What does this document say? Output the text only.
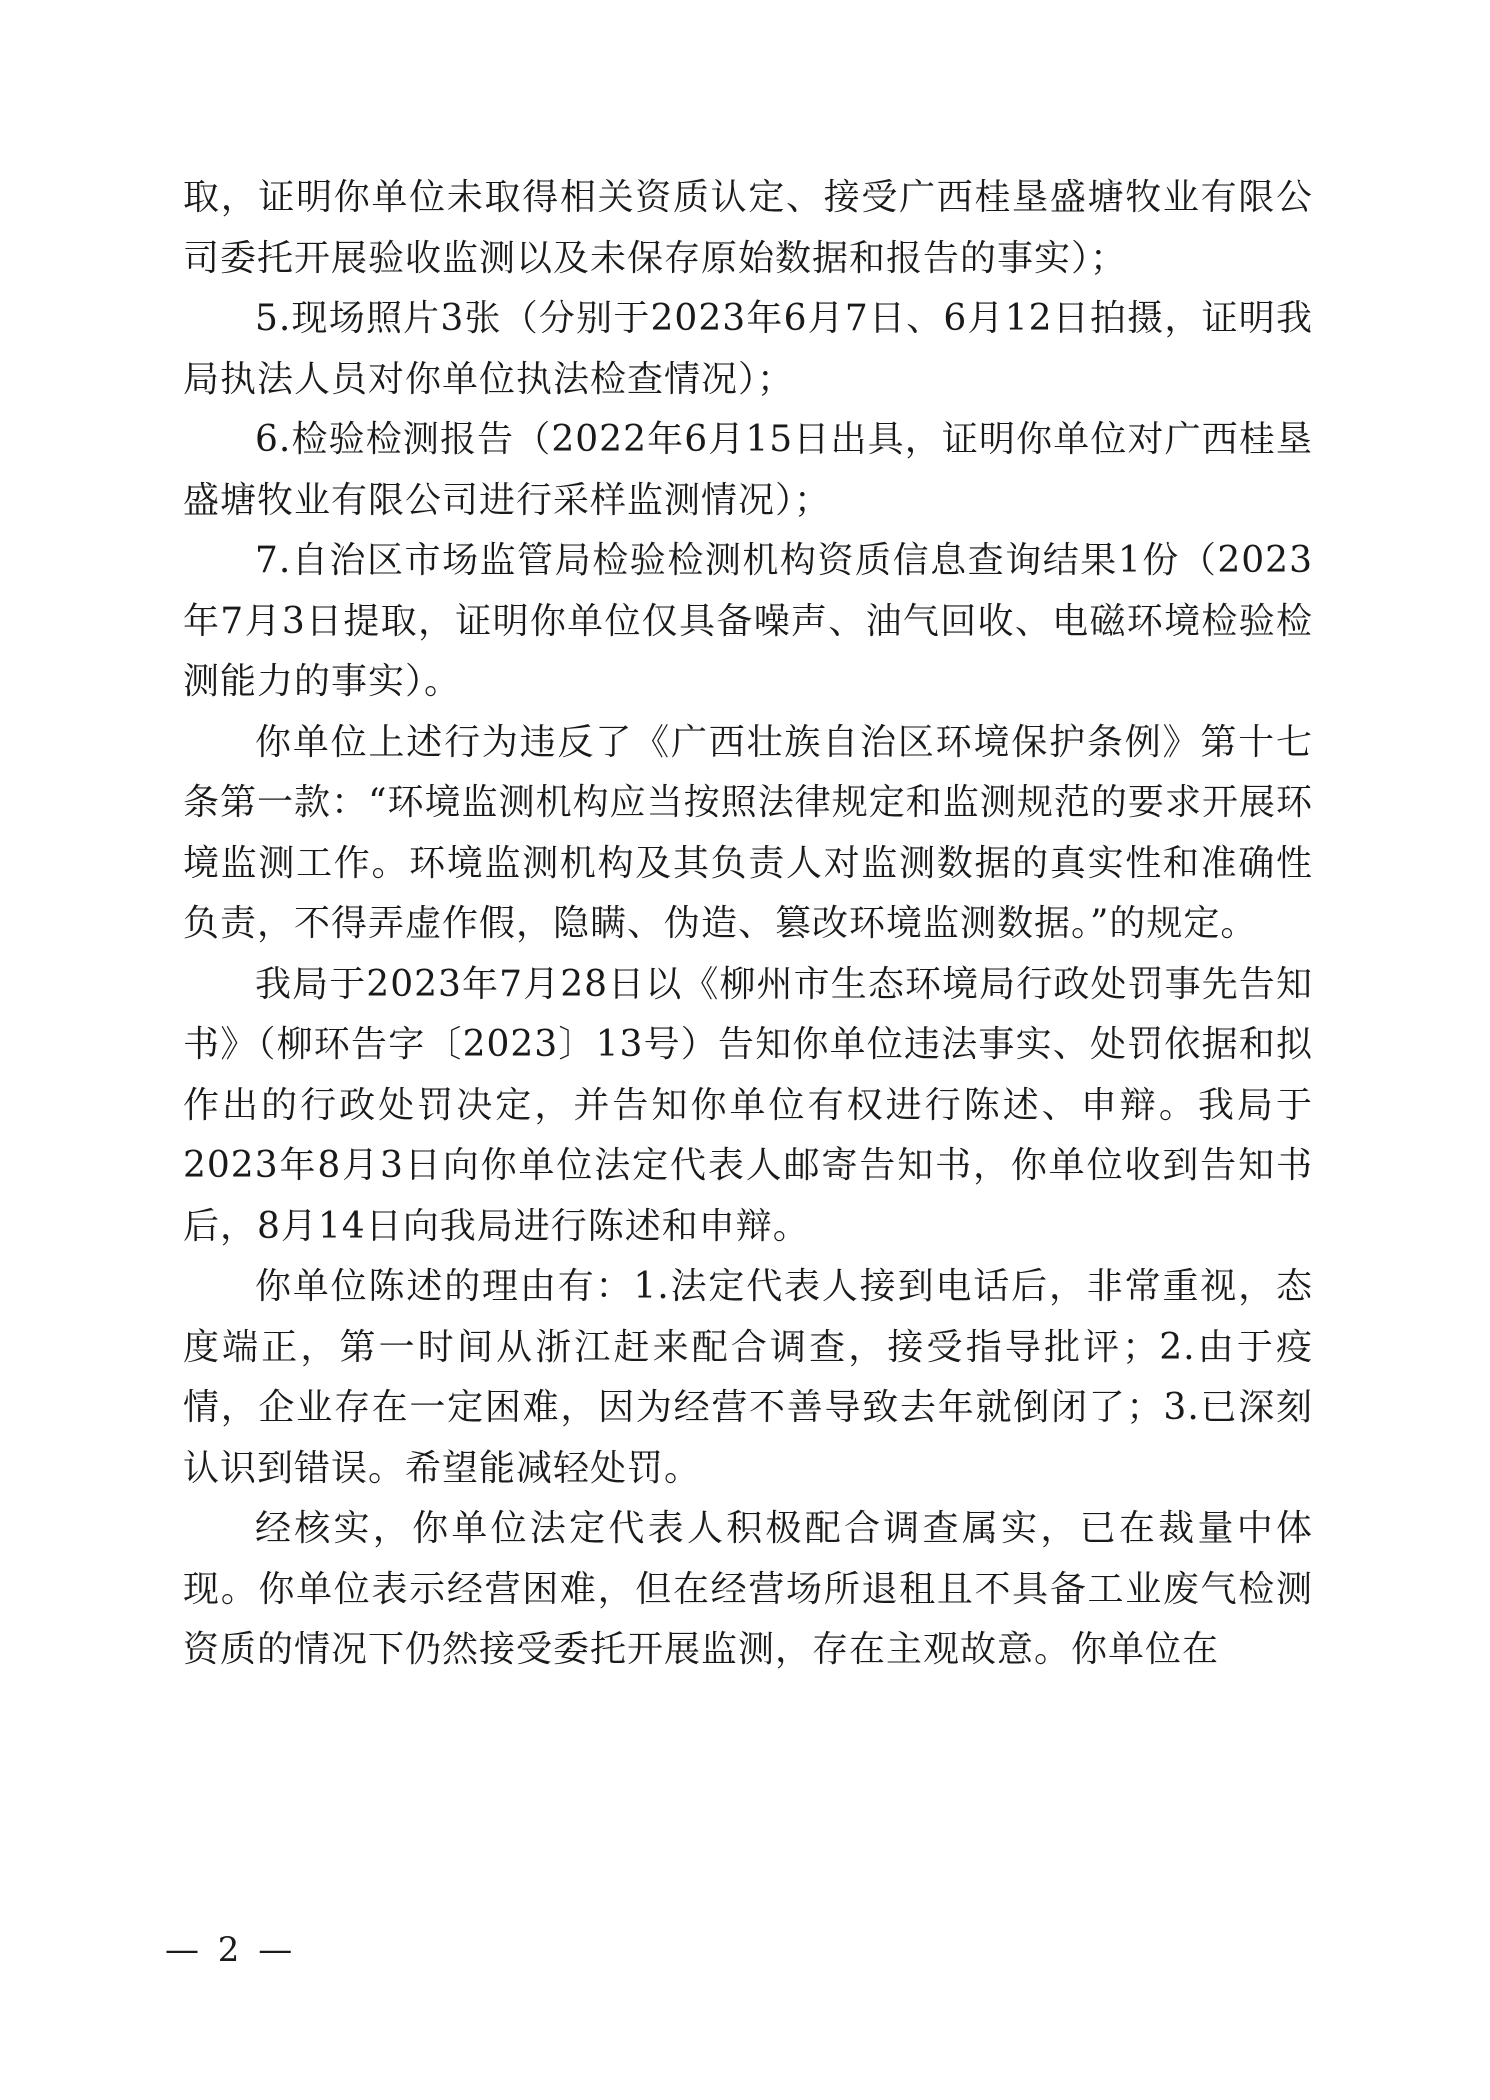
取，证明你单位未取得相关资质认定、接受广西桂垦盛塘牧业有限公司委托开展验收监测以及未保存原始数据和报告的事实）；

5.现场照片3张（分别于2023年6月7日、6月12日拍摄，证明我局执法人员对你单位执法检查情况）；

6.检验检测报告（2022年6月15日出具，证明你单位对广西桂垦盛塘牧业有限公司进行采样监测情况）；

7.自治区市场监管局检验检测机构资质信息查询结果1份（2023年7月3日提取，证明你单位仅具备噪声、油气回收、电磁环境检验检测能力的事实）。

你单位上述行为违反了《广西壮族自治区环境保护条例》第十七条第一款：“环境监测机构应当按照法律规定和监测规范的要求开展环境监测工作。环境监测机构及其负责人对监测数据的真实性和准确性负责，不得弄虚作假，隐瞒、伪造、篡改环境监测数据。”的规定。

我局于2023年7月28日以《柳州市生态环境局行政处罚事先告知书》（柳环告字〔2023〕13号）告知你单位违法事实、处罚依据和拟作出的行政处罚决定，并告知你单位有权进行陈述、申辩。我局于2023年8月3日向你单位法定代表人邮寄告知书，你单位收到告知书后，8月14日向我局进行陈述和申辩。

你单位陈述的理由有：1.法定代表人接到电话后，非常重视，态度端正，第一时间从浙江赶来配合调查，接受指导批评；2.由于疫情，企业存在一定困难，因为经营不善导致去年就倒闭了；3.已深刻认识到错误。希望能减轻处罚。

经核实，你单位法定代表人积极配合调查属实，已在裁量中体现。你单位表示经营困难，但在经营场所退租且不具备工业废气检测资质的情况下仍然接受委托开展监测，存在主观故意。你单位在

— 2 —
